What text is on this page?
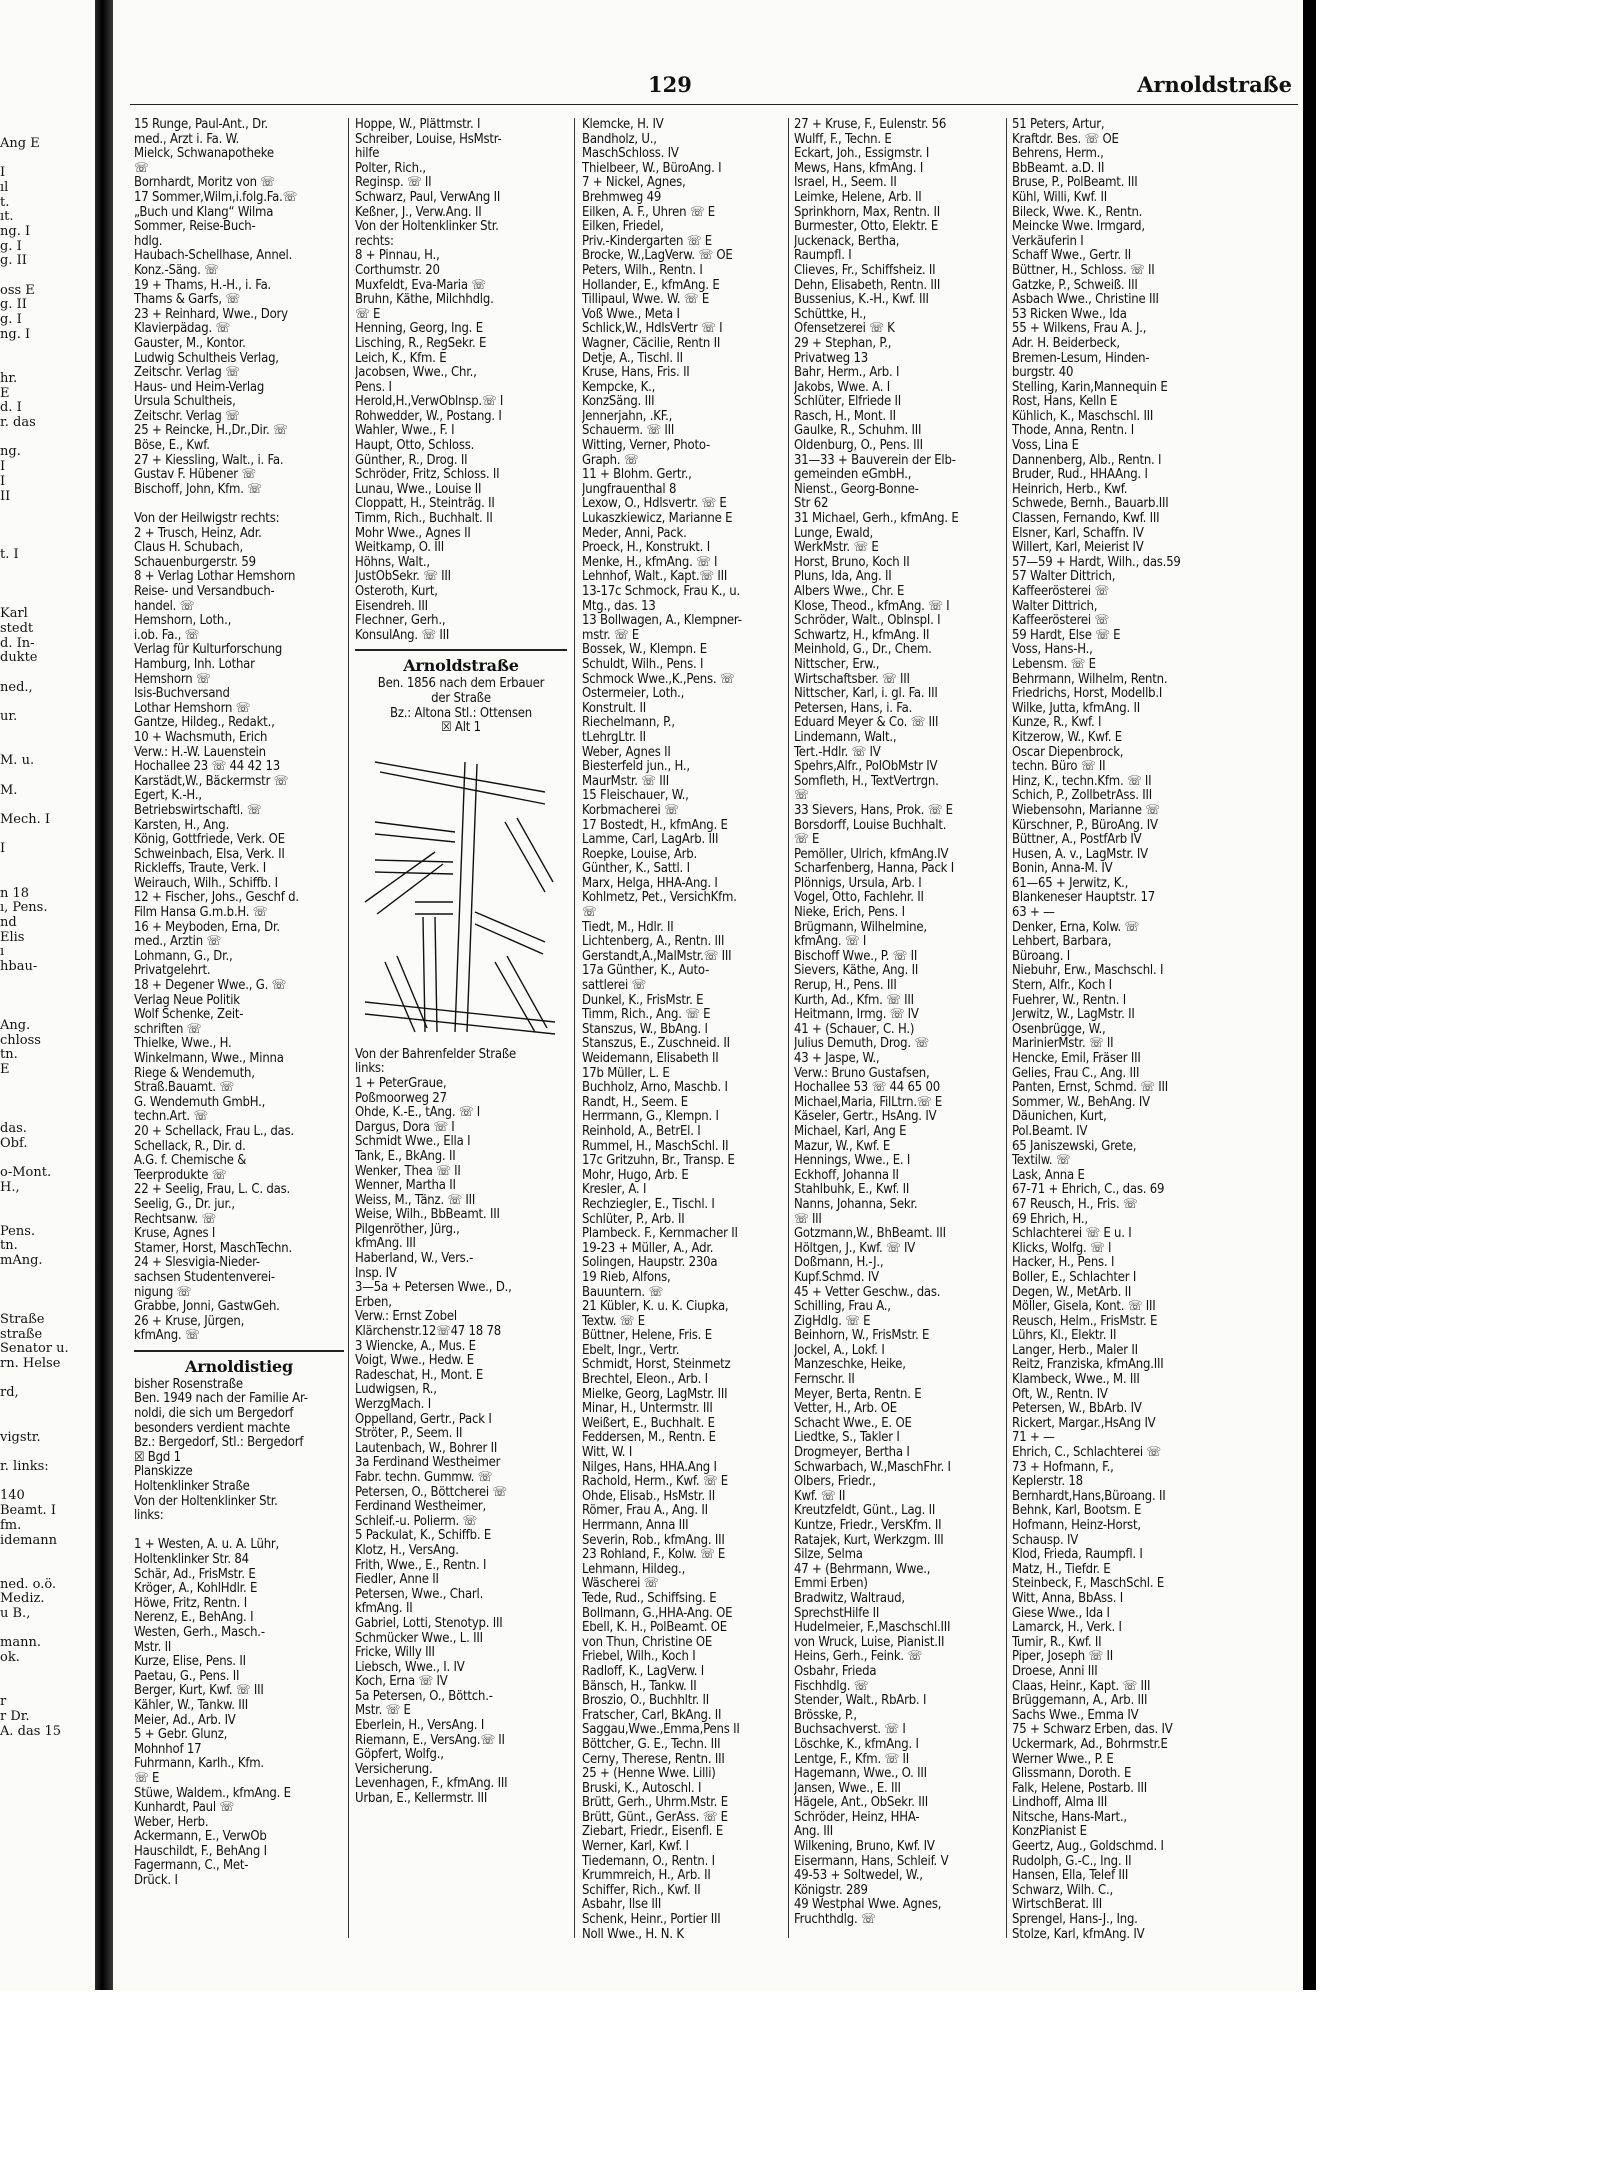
Ang E

I
ıl
t.
ıt.
ng. I
g. I
g. II

oss E
g. II
g. I
ng. I

hr.
E
d. I
r. das

ng.
I
I
II

t. I

Karl
stedt
d. In-
dukte

ned.,

ur.

M. u.

M.

Mech. I

I

n 18
ı, Pens.
nd
Elis
ı
hbau-

Ang.
chloss
tn.
E

das.
Obf.

o-Mont.
H.,

Pens.
tn.
mAng.

Straße
straße
Senator u.
rn. Helse

rd,

vigstr.

r. links:

140
Beamt. I
fm.
idemann

ned. o.ö.
Mediz.
u B.,

mann.
ok.

r
r Dr.
A. das 15
129	Arnoldstraße
15 Runge, Paul-Ant., Dr.
med., Arzt i. Fa. W.
Mielck, Schwanapotheke
☏
Bornhardt, Moritz von ☏
17 Sommer,Wilm,i.folg.Fa.☏
„Buch und Klang“ Wilma
Sommer, Reise-Buch-
hdlg.
Haubach-Schellhase, Annel.
Konz.-Säng. ☏
19 + Thams, H.-H., i. Fa.
Thams & Garfs, ☏
23 + Reinhard, Wwe., Dory
Klavierpädag. ☏
Gauster, M., Kontor.
Ludwig Schultheis Verlag,
Zeitschr. Verlag ☏
Haus- und Heim-Verlag
Ursula Schultheis,
Zeitschr. Verlag ☏
25 + Reincke, H.,Dr.,Dir. ☏
Böse, E., Kwf.
27 + Kiessling, Walt., i. Fa.
Gustav F. Hübener ☏
Bischoff, John, Kfm. ☏

Von der Heilwigstr rechts:
2 + Trusch, Heinz, Adr.
Claus H. Schubach,
Schauenburgerstr. 59
8 + Verlag Lothar Hemshorn
Reise- und Versandbuch-
handel. ☏
Hemshorn, Loth.,
i.ob. Fa., ☏
Verlag für Kulturforschung
Hamburg, Inh. Lothar
Hemshorn ☏
Isis-Buchversand
Lothar Hemshorn ☏
Gantze, Hildeg., Redakt.,
10 + Wachsmuth, Erich
Verw.: H.-W. Lauenstein
Hochallee 23 ☏ 44 42 13
Karstädt,W., Bäckermstr ☏
Egert, K.-H.,
Betriebswirtschaftl. ☏
Karsten, H., Ang.
König, Gottfriede, Verk. OE
Schweinbach, Elsa, Verk. II
Rickleffs, Traute, Verk. I
Weirauch, Wilh., Schiffb. I
12 + Fischer, Johs., Geschf d.
Film Hansa G.m.b.H. ☏
16 + Meyboden, Erna, Dr.
med., Ärztin ☏
Lohmann, G., Dr.,
Privatgelehrt.
18 + Degener Wwe., G. ☏
Verlag Neue Politik
Wolf Schenke, Zeit-
schriften ☏
Thielke, Wwe., H.
Winkelmann, Wwe., Minna
Riege & Wendemuth,
Straß.Bauamt. ☏
G. Wendemuth GmbH.,
techn.Art. ☏
20 + Schellack, Frau L., das.
Schellack, R., Dir. d.
A.G. f. Chemische &
Teerprodukte ☏
22 + Seelig, Frau, L. C. das.
Seelig, G., Dr. jur.,
Rechtsanw. ☏
Kruse, Agnes I
Stamer, Horst, MaschTechn.
24 + Slesvigia-Nieder-
sachsen Studentenverei-
nigung ☏
Grabbe, Jonni, GastwGeh.
26 + Kruse, Jürgen,
kfmAng. ☏
Arnoldistieg
bisher Rosenstraße
Ben. 1949 nach der Familie Ar-
noldi, die sich um Bergedorf
besonders verdient machte
Bz.: Bergedorf, Stl.: Bergedorf
☒ Bgd 1
Planskizze
Holtenklinker Straße
Von der Holtenklinker Str.
links:

1 + Westen, A. u. A. Lühr,
Holtenklinker Str. 84
Schär, Ad., FrisMstr. E
Kröger, A., KohlHdlr. E
Höwe, Fritz, Rentn. I
Nerenz, E., BehAng. I
Westen, Gerh., Masch.-
Mstr. II
Kurze, Elise, Pens. II
Paetau, G., Pens. II
Berger, Kurt, Kwf. ☏ III
Kähler, W., Tankw. III
Meier, Ad., Arb. IV
5 + Gebr. Glunz,
Mohnhof 17
Fuhrmann, Karlh., Kfm.
☏ E
Stüwe, Waldem., kfmAng. E
Kunhardt, Paul ☏
Weber, Herb.
Ackermann, E., VerwOb
Hauschildt, F., BehAng I
Fagermann, C., Met-
Drück. I
Hoppe, W., Plättmstr. I
Schreiber, Louise, HsMstr-
hilfe
Polter, Rich.,
Reginsp. ☏ II
Schwarz, Paul, VerwAng II
Keßner, J., Verw.Ang. II
Von der Holtenklinker Str.
rechts:
8 + Pinnau, H.,
Corthumstr. 20
Muxfeldt, Eva-Maria ☏
Bruhn, Käthe, Milchhdlg.
☏ E
Henning, Georg, Ing. E
Lisching, R., RegSekr. E
Leich, K., Kfm. E
Jacobsen, Wwe., Chr.,
Pens. I
Herold,H.,VerwOblnsp.☏ I
Rohwedder, W., Postang. I
Wahler, Wwe., F. I
Haupt, Otto, Schloss.
Günther, R., Drog. II
Schröder, Fritz, Schloss. II
Lunau, Wwe., Louise II
Cloppatt, H., Steinträg. II
Timm, Rich., Buchhalt. II
Mohr Wwe., Agnes II
Weitkamp, O. III
Höhns, Walt.,
JustObSekr. ☏ III
Osteroth, Kurt,
Eisendreh. III
Flechner, Gerh.,
KonsulAng. ☏ III
Arnoldstraße
Ben. 1856 nach dem Erbauer
der Straße
Bz.: Altona Stl.: Ottensen
☒ Alt 1
Von der Bahrenfelder Straße
links:
1 + PeterGraue,
Poßmoorweg 27
Ohde, K.-E., tAng. ☏ I
Dargus, Dora ☏ I
Schmidt Wwe., Ella I
Tank, E., BkAng. II
Wenker, Thea ☏ II
Wenner, Martha II
Weiss, M., Tänz. ☏ III
Weise, Wilh., BbBeamt. III
Pilgenröther, Jürg.,
kfmAng. III
Haberland, W., Vers.-
Insp. IV
3—5a + Petersen Wwe., D.,
Erben,
Verw.: Ernst Zobel
Klärchenstr.12☏47 18 78
3 Wiencke, A., Mus. E
Voigt, Wwe., Hedw. E
Radeschat, H., Mont. E
Ludwigsen, R.,
WerzgMach. I
Oppelland, Gertr., Pack I
Ströter, P., Seem. II
Lautenbach, W., Bohrer II
3a Ferdinand Westheimer
Fabr. techn. Gummw. ☏
Petersen, O., Böttcherei ☏
Ferdinand Westheimer,
Schleif.-u. Polierm. ☏
5 Packulat, K., Schiffb. E
Klotz, H., VersAng.
Frith, Wwe., E., Rentn. I
Fiedler, Anne II
Petersen, Wwe., Charl.
kfmAng. II
Gabriel, Lotti, Stenotyp. III
Schmücker Wwe., L. III
Fricke, Willy III
Liebsch, Wwe., I. IV
Koch, Erna ☏ IV
5a Petersen, O., Böttch.-
Mstr. ☏ E
Eberlein, H., VersAng. I
Riemann, E., VersAng.☏ II
Göpfert, Wolfg.,
Versicherung.
Levenhagen, F., kfmAng. III
Urban, E., Kellermstr. III
Klemcke, H. IV
Bandholz, U.,
MaschSchloss. IV
Thielbeer, W., BüroAng. I
7 + Nickel, Agnes,
Brehmweg 49
Eilken, A. F., Uhren ☏ E
Eilken, Friedel,
Priv.-Kindergarten ☏ E
Brocke, W.,LagVerw. ☏ OE
Peters, Wilh., Rentn. I
Hollander, E., kfmAng. E
Tillipaul, Wwe. W. ☏ E
Voß Wwe., Meta I
Schlick,W., HdlsVertr ☏ I
Wagner, Cäcilie, Rentn II
Detje, A., Tischl. II
Kruse, Hans, Fris. II
Kempcke, K.,
KonzSäng. III
Jennerjahn, .KF.,
Schauerm. ☏ III
Witting, Verner, Photo-
Graph. ☏
11 + Blohm. Gertr.,
Jungfrauenthal 8
Lexow, O., Hdlsvertr. ☏ E
Lukaszkiewicz, Marianne E
Meder, Anni, Pack.
Proeck, H., Konstrukt. I
Menke, H., kfmAng. ☏ I
Lehnhof, Walt., Kapt.☏ III
13-17c Schmock, Frau K., u.
Mtg., das. 13
13 Bollwagen, A., Klempner-
mstr. ☏ E
Bossek, W., Klempn. E
Schuldt, Wilh., Pens. I
Schmock Wwe.,K.,Pens. ☏
Ostermeier, Loth.,
Konstrult. II
Riechelmann, P.,
tLehrgLtr. II
Weber, Agnes II
Biesterfeld jun., H.,
MaurMstr. ☏ III
15 Fleischauer, W.,
Korbmacherei ☏
17 Bostedt, H., kfmAng. E
Lamme, Carl, LagArb. III
Roepke, Louise, Arb.
Günther, K., Sattl. I
Marx, Helga, HHA-Ang. I
Kohlmetz, Pet., VersichKfm.
☏
Tiedt, M., Hdlr. II
Lichtenberg, A., Rentn. III
Gerstandt,A.,MalMstr.☏ III
17a Günther, K., Auto-
sattlerei ☏
Dunkel, K., FrisMstr. E
Timm, Rich., Ang. ☏ E
Stanszus, W., BbAng. I
Stanszus, E., Zuschneid. II
Weidemann, Elisabeth II
17b Müller, L. E
Buchholz, Arno, Maschb. I
Randt, H., Seem. E
Herrmann, G., Klempn. I
Reinhold, A., BetrEl. I
Rummel, H., MaschSchl. II
17c Gritzuhn, Br., Transp. E
Mohr, Hugo, Arb. E
Kresler, A. I
Rechziegler, E., Tischl. I
Schlüter, P., Arb. II
Plambeck. F., Kernmacher II
19-23 + Müller, A., Adr.
Solingen, Haupstr. 230a
19 Rieb, Alfons,
Bauuntern. ☏
21 Kübler, K. u. K. Ciupka,
Textw. ☏ E
Büttner, Helene, Fris. E
Ebelt, Ingr., Vertr.
Schmidt, Horst, Steinmetz
Brechtel, Eleon., Arb. I
Mielke, Georg, LagMstr. III
Minar, H., Untermstr. III
Weißert, E., Buchhalt. E
Feddersen, M., Rentn. E
Witt, W. I
Nilges, Hans, HHA.Ang I
Rachold, Herm., Kwf. ☏ E
Öhde, Elisab., HsMstr. II
Römer, Frau A., Ang. II
Herrmann, Anna III
Severin, Rob., kfmAng. III
23 Rohland, F., Kolw. ☏ E
Lehmann, Hildeg.,
Wäscherei ☏
Tede, Rud., Schiffsing. E
Bollmann, G.,HHA-Ang. OE
Ebell, K. H., PolBeamt. OE
von Thun, Christine OE
Friebel, Wilh., Koch I
Radloff, K., LagVerw. I
Bänsch, H., Tankw. II
Broszio, O., Buchhltr. II
Fratscher, Carl, BkAng. II
Saggau,Wwe.,Emma,Pens II
Böttcher, G. E., Techn. III
Cerny, Therese, Rentn. III
25 + (Henne Wwe. Lilli)
Bruski, K., Autoschl. I
Brütt, Gerh., Uhrm.Mstr. E
Brütt, Günt., GerAss. ☏ E
Ziebart, Friedr., Eisenfl. E
Werner, Karl, Kwf. I
Tiedemann, O., Rentn. I
Krummreich, H., Arb. II
Schiffer, Rich., Kwf. II
Asbahr, Ilse III
Schenk, Heinr., Portier III
Noll Wwe., H. N. K
27 + Kruse, F., Eulenstr. 56
Wulff, F., Techn. E
Eckart, Joh., Essigmstr. I
Mews, Hans, kfmAng. I
Israel, H., Seem. II
Leimke, Helene, Arb. II
Sprinkhorn, Max, Rentn. II
Burmester, Otto, Elektr. E
Juckenack, Bertha,
Raumpfl. I
Clieves, Fr., Schiffsheiz. II
Dehn, Elisabeth, Rentn. III
Bussenius, K.-H., Kwf. III
Schüttke, H.,
Ofensetzerei ☏ K
29 + Stephan, P.,
Privatweg 13
Bahr, Herm., Arb. I
Jakobs, Wwe. A. I
Schlüter, Elfriede II
Rasch, H., Mont. II
Gaulke, R., Schuhm. III
Oldenburg, O., Pens. III
31—33 + Bauverein der Elb-
gemeinden eGmbH.,
Nienst., Georg-Bonne-
Str 62
31 Michael, Gerh., kfmAng. E
Lunge, Ewald,
WerkMstr. ☏ E
Horst, Bruno, Koch II
Pluns, Ida, Ang. II
Albers Wwe., Chr. E
Klose, Theod., kfmAng. ☏ I
Schröder, Walt., OblnspI. I
Schwartz, H., kfmAng. II
Meinhold, G., Dr., Chem.
Nittscher, Erw.,
Wirtschaftsber. ☏ III
Nittscher, Karl, i. gl. Fa. III
Petersen, Hans, i. Fa.
Eduard Meyer & Co. ☏ III
Lindemann, Walt.,
Tert.-Hdlr. ☏ IV
Spehrs,Alfr., PolObMstr IV
Somfleth, H., TextVertrgn.
☏
33 Sievers, Hans, Prok. ☏ E
Borsdorff, Louise Buchhalt.
☏ E
Pemöller, Ulrich, kfmAng.IV
Scharfenberg, Hanna, Pack I
Plönnigs, Ursula, Arb. I
Vogel, Otto, Fachlehr. II
Nieke, Erich, Pens. I
Brügmann, Wilhelmine,
kfmAng. ☏ I
Bischoff Wwe., P. ☏ II
Sievers, Käthe, Ang. II
Rerup, H., Pens. III
Kurth, Ad., Kfm. ☏ III
Heitmann, Irmg. ☏ IV
41 + (Schauer, C. H.)
Julius Demuth, Drog. ☏
43 + Jaspe, W.,
Verw.: Bruno Gustafsen,
Hochallee 53 ☏ 44 65 00
Michael,Maria, FilLtrn.☏ E
Käseler, Gertr., HsAng. IV
Michael, Karl, Ang E
Mazur, W., Kwf. E
Hennings, Wwe., E. I
Eckhoff, Johanna II
Stahlbuhk, E., Kwf. II
Nanns, Johanna, Sekr.
☏ III
Gotzmann,W., BhBeamt. III
Höltgen, J., Kwf. ☏ IV
Doßmann, H.-J.,
Kupf.Schmd. IV
45 + Vetter Geschw., das.
Schilling, Frau A.,
ZigHdlg. ☏ E
Beinhorn, W., FrisMstr. E
Jockel, A., Lokf. I
Manzeschke, Heike,
Fernschr. II
Meyer, Berta, Rentn. E
Vetter, H., Arb. OE
Schacht Wwe., E. OE
Liedtke, S., Takler I
Drogmeyer, Bertha I
Schwarbach, W.,MaschFhr. I
Olbers, Friedr.,
Kwf. ☏ II
Kreutzfeldt, Günt., Lag. II
Kuntze, Friedr., VersKfm. II
Ratajek, Kurt, Werkzgm. III
Silze, Selma
47 + (Behrmann, Wwe.,
Emmi Erben)
Bradwitz, Waltraud,
SprechstHilfe II
Hudelmeier, F.,Maschschl.III
von Wruck, Luise, Pianist.II
Heins, Gerh., Feink. ☏
Osbahr, Frieda
Fischhdlg. ☏
Stender, Walt., RbArb. I
Brösske, P.,
Buchsachverst. ☏ I
Löschke, K., kfmAng. I
Lentge, F., Kfm. ☏ II
Hagemann, Wwe., O. III
Jansen, Wwe., E. III
Hägele, Ant., ObSekr. III
Schröder, Heinz, HHA-
Ang. III
Wilkening, Bruno, Kwf. IV
Eisermann, Hans, Schleif. V
49-53 + Soltwedel, W.,
Königstr. 289
49 Westphal Wwe. Agnes,
Fruchthdlg. ☏
51 Peters, Artur,
Kraftdr. Bes. ☏ OE
Behrens, Herm.,
BbBeamt. a.D. II
Bruse, P., PolBeamt. III
Kühl, Willi, Kwf. II
Bileck, Wwe. K., Rentn.
Meincke Wwe. Irmgard,
Verkäuferin I
Schaff Wwe., Gertr. II
Büttner, H., Schloss. ☏ II
Gatzke, P., Schweiß. III
Asbach Wwe., Christine III
53 Ricken Wwe., Ida
55 + Wilkens, Frau A. J.,
Adr. H. Beiderbeck,
Bremen-Lesum, Hinden-
burgstr. 40
Stelling, Karin,Mannequin E
Rost, Hans, Kelln E
Kühlich, K., Maschschl. III
Thode, Anna, Rentn. I
Voss, Lina E
Dannenberg, Alb., Rentn. I
Bruder, Rud., HHAAng. I
Heinrich, Herb., Kwf.
Schwede, Bernh., Bauarb.III
Classen, Fernando, Kwf. III
Elsner, Karl, Schaffn. IV
Willert, Karl, Meierist IV
57—59 + Hardt, Wilh., das.59
57 Walter Dittrich,
Kaffeerösterei ☏
Walter Dittrich,
Kaffeerösterei ☏
59 Hardt, Else ☏ E
Voss, Hans-H.,
Lebensm. ☏ E
Behrmann, Wilhelm, Rentn.
Friedrichs, Horst, Modellb.I
Wilke, Jutta, kfmAng. II
Kunze, R., Kwf. I
Kitzerow, W., Kwf. E
Oscar Diepenbrock,
techn. Büro ☏ II
Hinz, K., techn.Kfm. ☏ II
Schich, P., ZollbetrAss. III
Wiebensohn, Marianne ☏
Kürschner, P., BüroAng. IV
Büttner, A., PostfArb IV
Husen, A. v., LagMstr. IV
Bonin, Anna-M. IV
61—65 + Jerwitz, K.,
Blankeneser Hauptstr. 17
63 + —
Denker, Erna, Kolw. ☏
Lehbert, Barbara,
Büroang. I
Niebuhr, Erw., Maschschl. I
Stern, Alfr., Koch I
Fuehrer, W., Rentn. I
Jerwitz, W., LagMstr. II
Osenbrügge, W.,
MarinierMstr. ☏ II
Hencke, Emil, Fräser III
Gelies, Frau C., Ang. III
Panten, Ernst, Schmd. ☏ III
Sommer, W., BehAng. IV
Däunichen, Kurt,
Pol.Beamt. IV
65 Janiszewski, Grete,
Textilw. ☏
Lask, Anna E
67-71 + Ehrich, C., das. 69
67 Reusch, H., Fris. ☏
69 Ehrich, H.,
Schlachterei ☏ E u. I
Klicks, Wolfg. ☏ I
Hacker, H., Pens. I
Boller, E., Schlachter I
Degen, W., MetArb. II
Möller, Gisela, Kont. ☏ III
Reusch, Helm., FrisMstr. E
Lührs, Kl., Elektr. II
Langer, Herb., Maler II
Reitz, Franziska, kfmAng.III
Klambeck, Wwe., M. III
Oft, W., Rentn. IV
Petersen, W., BbArb. IV
Rickert, Margar.,HsAng IV
71 + —
Ehrich, C., Schlachterei ☏
73 + Hofmann, F.,
Keplerstr. 18
Bernhardt,Hans,Büroang. II
Behnk, Karl, Bootsm. E
Hofmann, Heinz-Horst,
Schausp. IV
Klod, Frieda, Raumpfl. I
Matz, H., Tiefdr. E
Steinbeck, F., MaschSchl. E
Witt, Anna, BbAss. I
Giese Wwe., Ida I
Lamarck, H., Verk. I
Tumir, R., Kwf. II
Piper, Joseph ☏ II
Droese, Anni III
Claas, Heinr., Kapt. ☏ III
Brüggemann, A., Arb. III
Sachs Wwe., Emma IV
75 + Schwarz Erben, das. IV
Uckermark, Ad., Bohrmstr.E
Werner Wwe., P. E
Glissmann, Doroth. E
Falk, Helene, Postarb. III
Lindhoff, Alma III
Nitsche, Hans-Mart.,
KonzPianist E
Geertz, Aug., Goldschmd. I
Rudolph, G.-C., Ing. II
Hansen, Ella, Telef III
Schwarz, Wilh. C.,
WirtschBerat. III
Sprengel, Hans-J., Ing.
Stolze, Karl, kfmAng. IV
